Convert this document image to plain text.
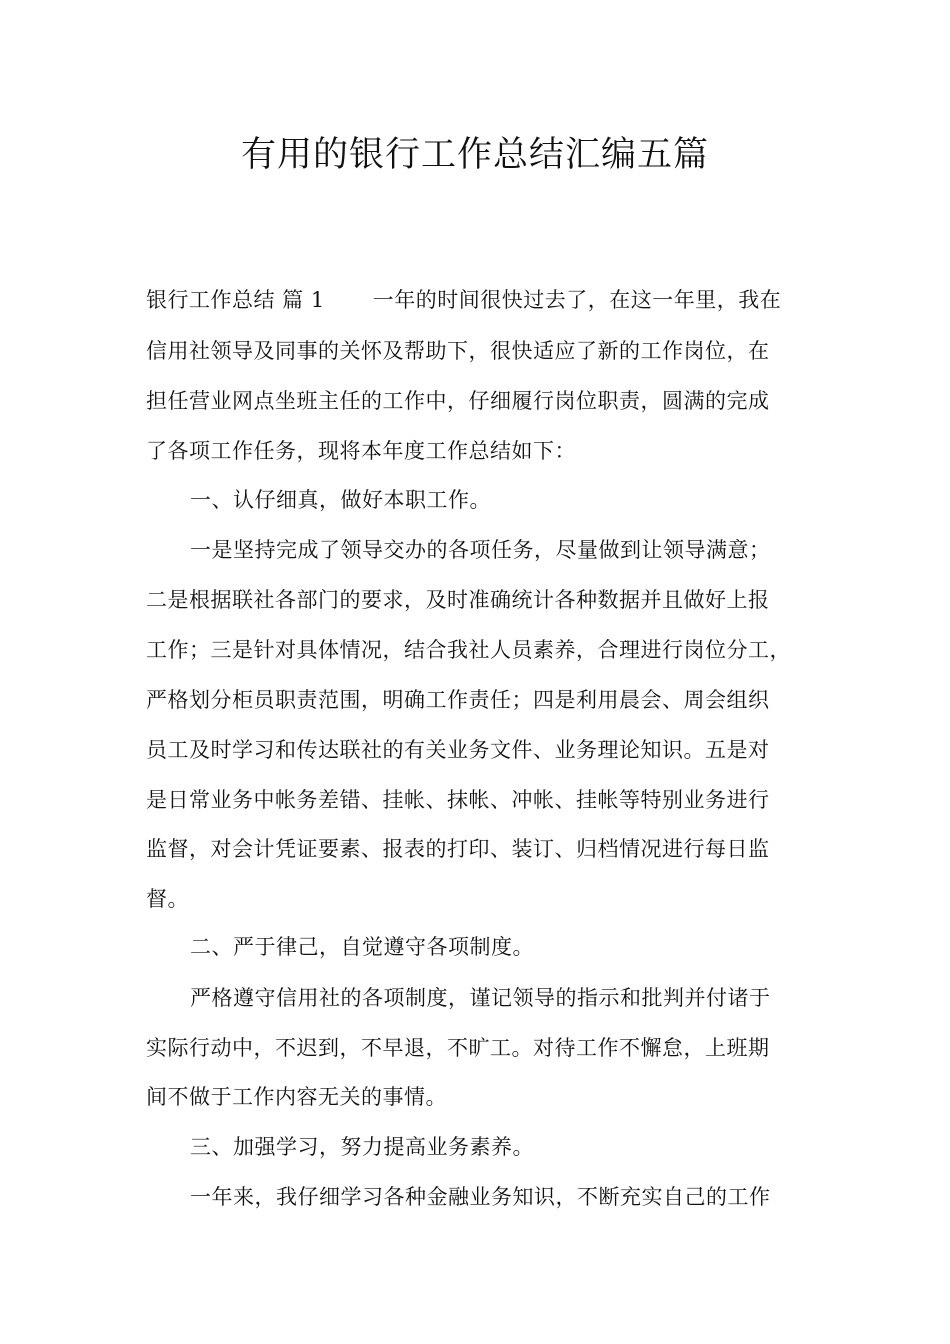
有用的银行工作总结汇编五篇
银行工作总结 篇 1 一年的时间很快过去了，在这一年里，我在
信用社领导及同事的关怀及帮助下，很快适应了新的工作岗位，在
担任营业网点坐班主任的工作中，仔细履行岗位职责，圆满的完成
了各项工作任务，现将本年度工作总结如下：
一、认仔细真，做好本职工作。
一是坚持完成了领导交办的各项任务，尽量做到让领导满意；
二是根据联社各部门的要求，及时准确统计各种数据并且做好上报
工作；三是针对具体情况，结合我社人员素养，合理进行岗位分工，
严格划分柜员职责范围，明确工作责任；四是利用晨会、周会组织
员工及时学习和传达联社的有关业务文件、业务理论知识。五是对
是日常业务中帐务差错、挂帐、抹帐、冲帐、挂帐等特别业务进行
监督，对会计凭证要素、报表的打印、装订、归档情况进行每日监
督。
二、严于律己，自觉遵守各项制度。
严格遵守信用社的各项制度，谨记领导的指示和批判并付诸于
实际行动中，不迟到，不早退，不旷工。对待工作不懈怠，上班期
间不做于工作内容无关的事情。
三、加强学习，努力提高业务素养。
一年来，我仔细学习各种金融业务知识，不断充实自己的工作
